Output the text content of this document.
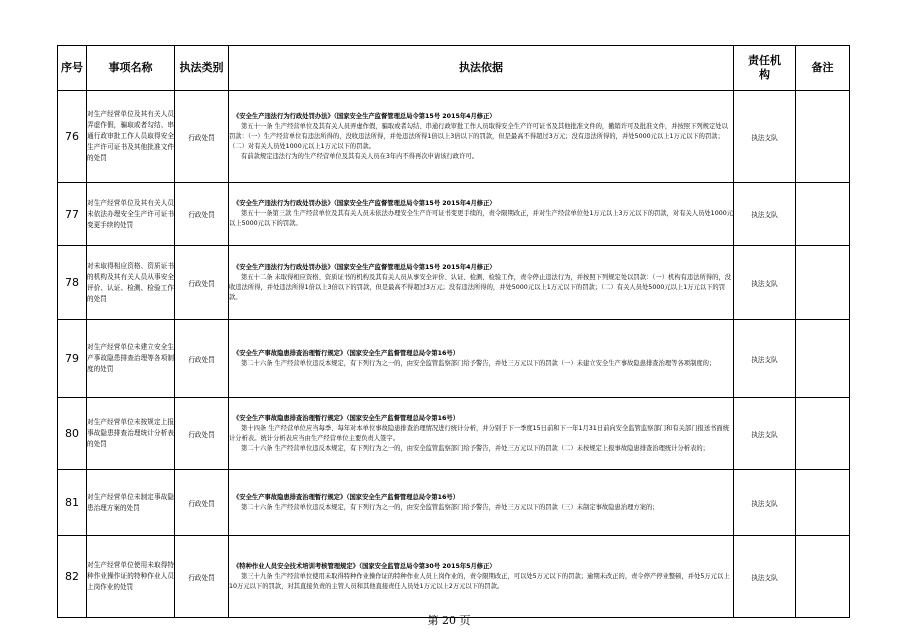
序号	事项名称	执法类别	执法依据	责任机构	备注
76	对生产经营单位及其有关人员弄虚作假，骗取或者勾结、串通行政审批工作人员取得安全生产许可证书及其他批准文件的处罚	行政处罚	《安全生产违法行为行政处罚办法》（国家安全生产监督管理总局令第15号 2015年4月修正）
第五十一条 生产经营单位及其有关人员弄虚作假，骗取或者勾结、串通行政审批工作人员取得安全生产许可证书及其他批准文件的，撤销许可及批准文件，并按照下列规定处以罚款：（一）生产经营单位有违法所得的，没收违法所得，并处违法所得1倍以上3倍以下的罚款，但是最高不得超过3万元；没有违法所得的，并处5000元以上1万元以下的罚款；（二）对有关人员处1000元以上1万元以下的罚款。
有前款规定违法行为的生产经营单位及其有关人员在3年内不得再次申请该行政许可。	执法支队	
77	对生产经营单位及其有关人员未依法办理安全生产许可证书变更手续的处罚	行政处罚	《安全生产违法行为行政处罚办法》（国家安全生产监督管理总局令第15号 2015年4月修正）
第五十一条第三款 生产经营单位及其有关人员未依法办理安全生产许可证书变更手续的，责令限期改正，并对生产经营单位处1万元以上3万元以下的罚款，对有关人员处1000元以上5000元以下的罚款。	执法支队	
78	对未取得相应资格、资质证书的机构及其有关人员从事安全评价、认证、检测、检验工作的处罚	行政处罚	《安全生产违法行为行政处罚办法》（国家安全生产监督管理总局令第15号 2015年4月修正）
第五十二条 未取得相应资格、资质证书的机构及其有关人员从事安全评价、认证、检测、检验工作，责令停止违法行为，并按照下列规定处以罚款：（一）机构有违法所得的，没收违法所得，并处违法所得1倍以上3倍以下的罚款，但是最高不得超过3万元；没有违法所得的，并处5000元以上1万元以下的罚款；（二）有关人员处5000元以上1万元以下的罚款。	执法支队	
79	对生产经营单位未建立安全生产事故隐患排查治理等各项制度的处罚	行政处罚	《安全生产事故隐患排查治理暂行规定》（国家安全生产监督管理总局令第16号）
第二十六条 生产经营单位违反本规定，有下列行为之一的，由安全监管监察部门给予警告，并处三万元以下的罚款（一）未建立安全生产事故隐患排查治理等各项制度的；	执法支队	
80	对生产经营单位未按规定上报事故隐患排查治理统计分析表的处罚	行政处罚	《安全生产事故隐患排查治理暂行规定》（国家安全生产监督管理总局令第16号）
第十四条 生产经营单位应当每季、每年对本单位事故隐患排查治理情况进行统计分析，并分别于下一季度15日前和下一年1月31日前向安全监管监察部门和有关部门报送书面统计分析表。统计分析表应当由生产经营单位主要负责人签字。
第二十六条 生产经营单位违反本规定，有下列行为之一的，由安全监管监察部门给予警告，并处三万元以下的罚款（二）未按规定上报事故隐患排查治理统计分析表的；	执法支队	
81	对生产经营单位未制定事故隐患治理方案的处罚	行政处罚	《安全生产事故隐患排查治理暂行规定》（国家安全生产监督管理总局令第16号）
第二十六条 生产经营单位违反本规定，有下列行为之一的，由安全监管监察部门给予警告，并处三万元以下的罚款（三）未制定事故隐患治理方案的；	执法支队	
82	对生产经营单位使用未取得特种作业操作证的特种作业人员上岗作业的处罚	行政处罚	《特种作业人员安全技术培训考核管理规定》（国家安全监管总局令第30号 2015年5月修正）
第三十九条 生产经营单位使用未取得特种作业操作证的特种作业人员上岗作业的，责令限期改正，可以处5万元以下的罚款；逾期未改正的，责令停产停业整顿，并处5万元以上10万元以下的罚款，对其直接负责的主管人员和其他直接责任人员处1万元以上2万元以下的罚款。	执法支队	
第 20 页
